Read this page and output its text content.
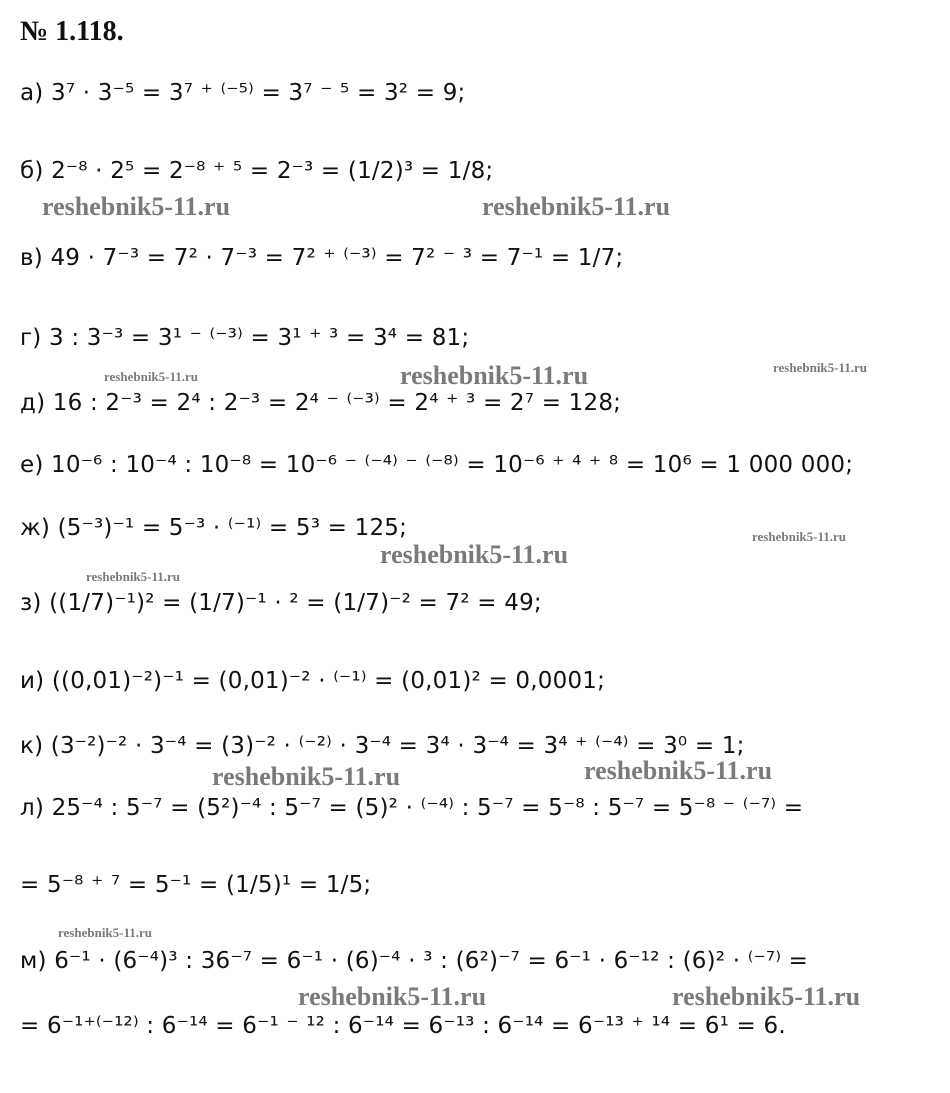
№ 1.118.
а) 3⁷ · 3⁻⁵ = 3⁷ ⁺ ⁽⁻⁵⁾ = 3⁷ ⁻ ⁵ = 3² = 9;
б) 2⁻⁸ · 2⁵ = 2⁻⁸ ⁺ ⁵ = 2⁻³ = (1/2)³ = 1/8;
в) 49 · 7⁻³ = 7² · 7⁻³ = 7² ⁺ ⁽⁻³⁾ = 7² ⁻ ³ = 7⁻¹ = 1/7;
г) 3 : 3⁻³ = 3¹ ⁻ ⁽⁻³⁾ = 3¹ ⁺ ³ = 3⁴ = 81;
д) 16 : 2⁻³ = 2⁴ : 2⁻³ = 2⁴ ⁻ ⁽⁻³⁾ = 2⁴ ⁺ ³ = 2⁷ = 128;
е) 10⁻⁶ : 10⁻⁴ : 10⁻⁸ = 10⁻⁶ ⁻ ⁽⁻⁴⁾ ⁻ ⁽⁻⁸⁾ = 10⁻⁶ ⁺ ⁴ ⁺ ⁸ = 10⁶ = 1 000 000;
ж) (5⁻³)⁻¹ = 5⁻³ · ⁽⁻¹⁾ = 5³ = 125;
з) ((1/7)⁻¹)² = (1/7)⁻¹ · ² = (1/7)⁻² = 7² = 49;
и) ((0,01)⁻²)⁻¹ = (0,01)⁻² · ⁽⁻¹⁾ = (0,01)² = 0,0001;
к) (3⁻²)⁻² · 3⁻⁴ = (3)⁻² · ⁽⁻²⁾ · 3⁻⁴ = 3⁴ · 3⁻⁴ = 3⁴ ⁺ ⁽⁻⁴⁾ = 3⁰ = 1;
л) 25⁻⁴ : 5⁻⁷ = (5²)⁻⁴ : 5⁻⁷ = (5)² · ⁽⁻⁴⁾ : 5⁻⁷ = 5⁻⁸ : 5⁻⁷ = 5⁻⁸ ⁻ ⁽⁻⁷⁾ =
= 5⁻⁸ ⁺ ⁷ = 5⁻¹ = (1/5)¹ = 1/5;
м) 6⁻¹ · (6⁻⁴)³ : 36⁻⁷ = 6⁻¹ · (6)⁻⁴ · ³ : (6²)⁻⁷ = 6⁻¹ · 6⁻¹² : (6)² · ⁽⁻⁷⁾ =
= 6⁻¹⁺⁽⁻¹²⁾ : 6⁻¹⁴ = 6⁻¹ ⁻ ¹² : 6⁻¹⁴ = 6⁻¹³ : 6⁻¹⁴ = 6⁻¹³ ⁺ ¹⁴ = 6¹ = 6.
reshebnik5-11.ru	reshebnik5-11.ru
reshebnik5-11.ru	reshebnik5-11.ru	reshebnik5-11.ru
reshebnik5-11.ru
reshebnik5-11.ru
reshebnik5-11.ru
reshebnik5-11.ru	reshebnik5-11.ru
reshebnik5-11.ru
reshebnik5-11.ru	reshebnik5-11.ru
